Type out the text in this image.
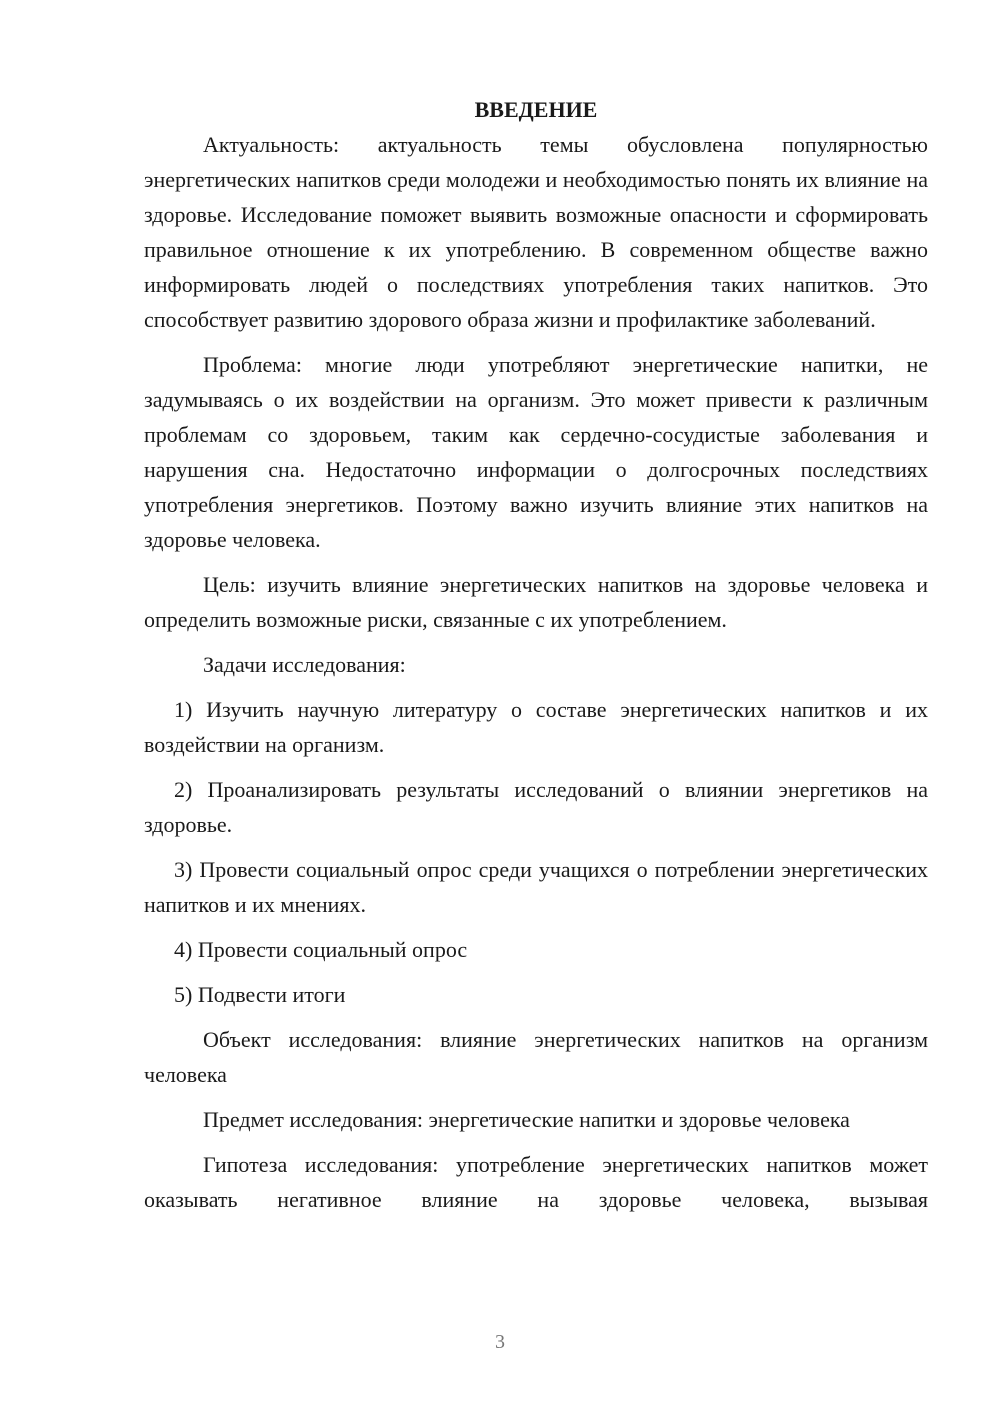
ВВЕДЕНИЕ

Актуальность: актуальность темы обусловлена популярностью энергетических напитков среди молодежи и необходимостью понять их влияние на здоровье. Исследование поможет выявить возможные опасности и сформировать правильное отношение к их употреблению. В современном обществе важно информировать людей о последствиях употребления таких напитков. Это способствует развитию здорового образа жизни и профилактике заболеваний.

Проблема: многие люди употребляют энергетические напитки, не задумываясь о их воздействии на организм. Это может привести к различным проблемам со здоровьем, таким как сердечно-сосудистые заболевания и нарушения сна. Недостаточно информации о долгосрочных последствиях употребления энергетиков. Поэтому важно изучить влияние этих напитков на здоровье человека.

Цель: изучить влияние энергетических напитков на здоровье человека и определить возможные риски, связанные с их употреблением.

Задачи исследования:

1) Изучить научную литературу о составе энергетических напитков и их воздействии на организм.

2) Проанализировать результаты исследований о влиянии энергетиков на здоровье.

3) Провести социальный опрос среди учащихся о потреблении энергетических напитков и их мнениях.

4) Провести социальный опрос

5) Подвести итоги

Объект исследования: влияние энергетических напитков на организм человека

Предмет исследования: энергетические напитки и здоровье человека

Гипотеза исследования: употребление энергетических напитков может оказывать негативное влияние на здоровье человека, вызывая

3
